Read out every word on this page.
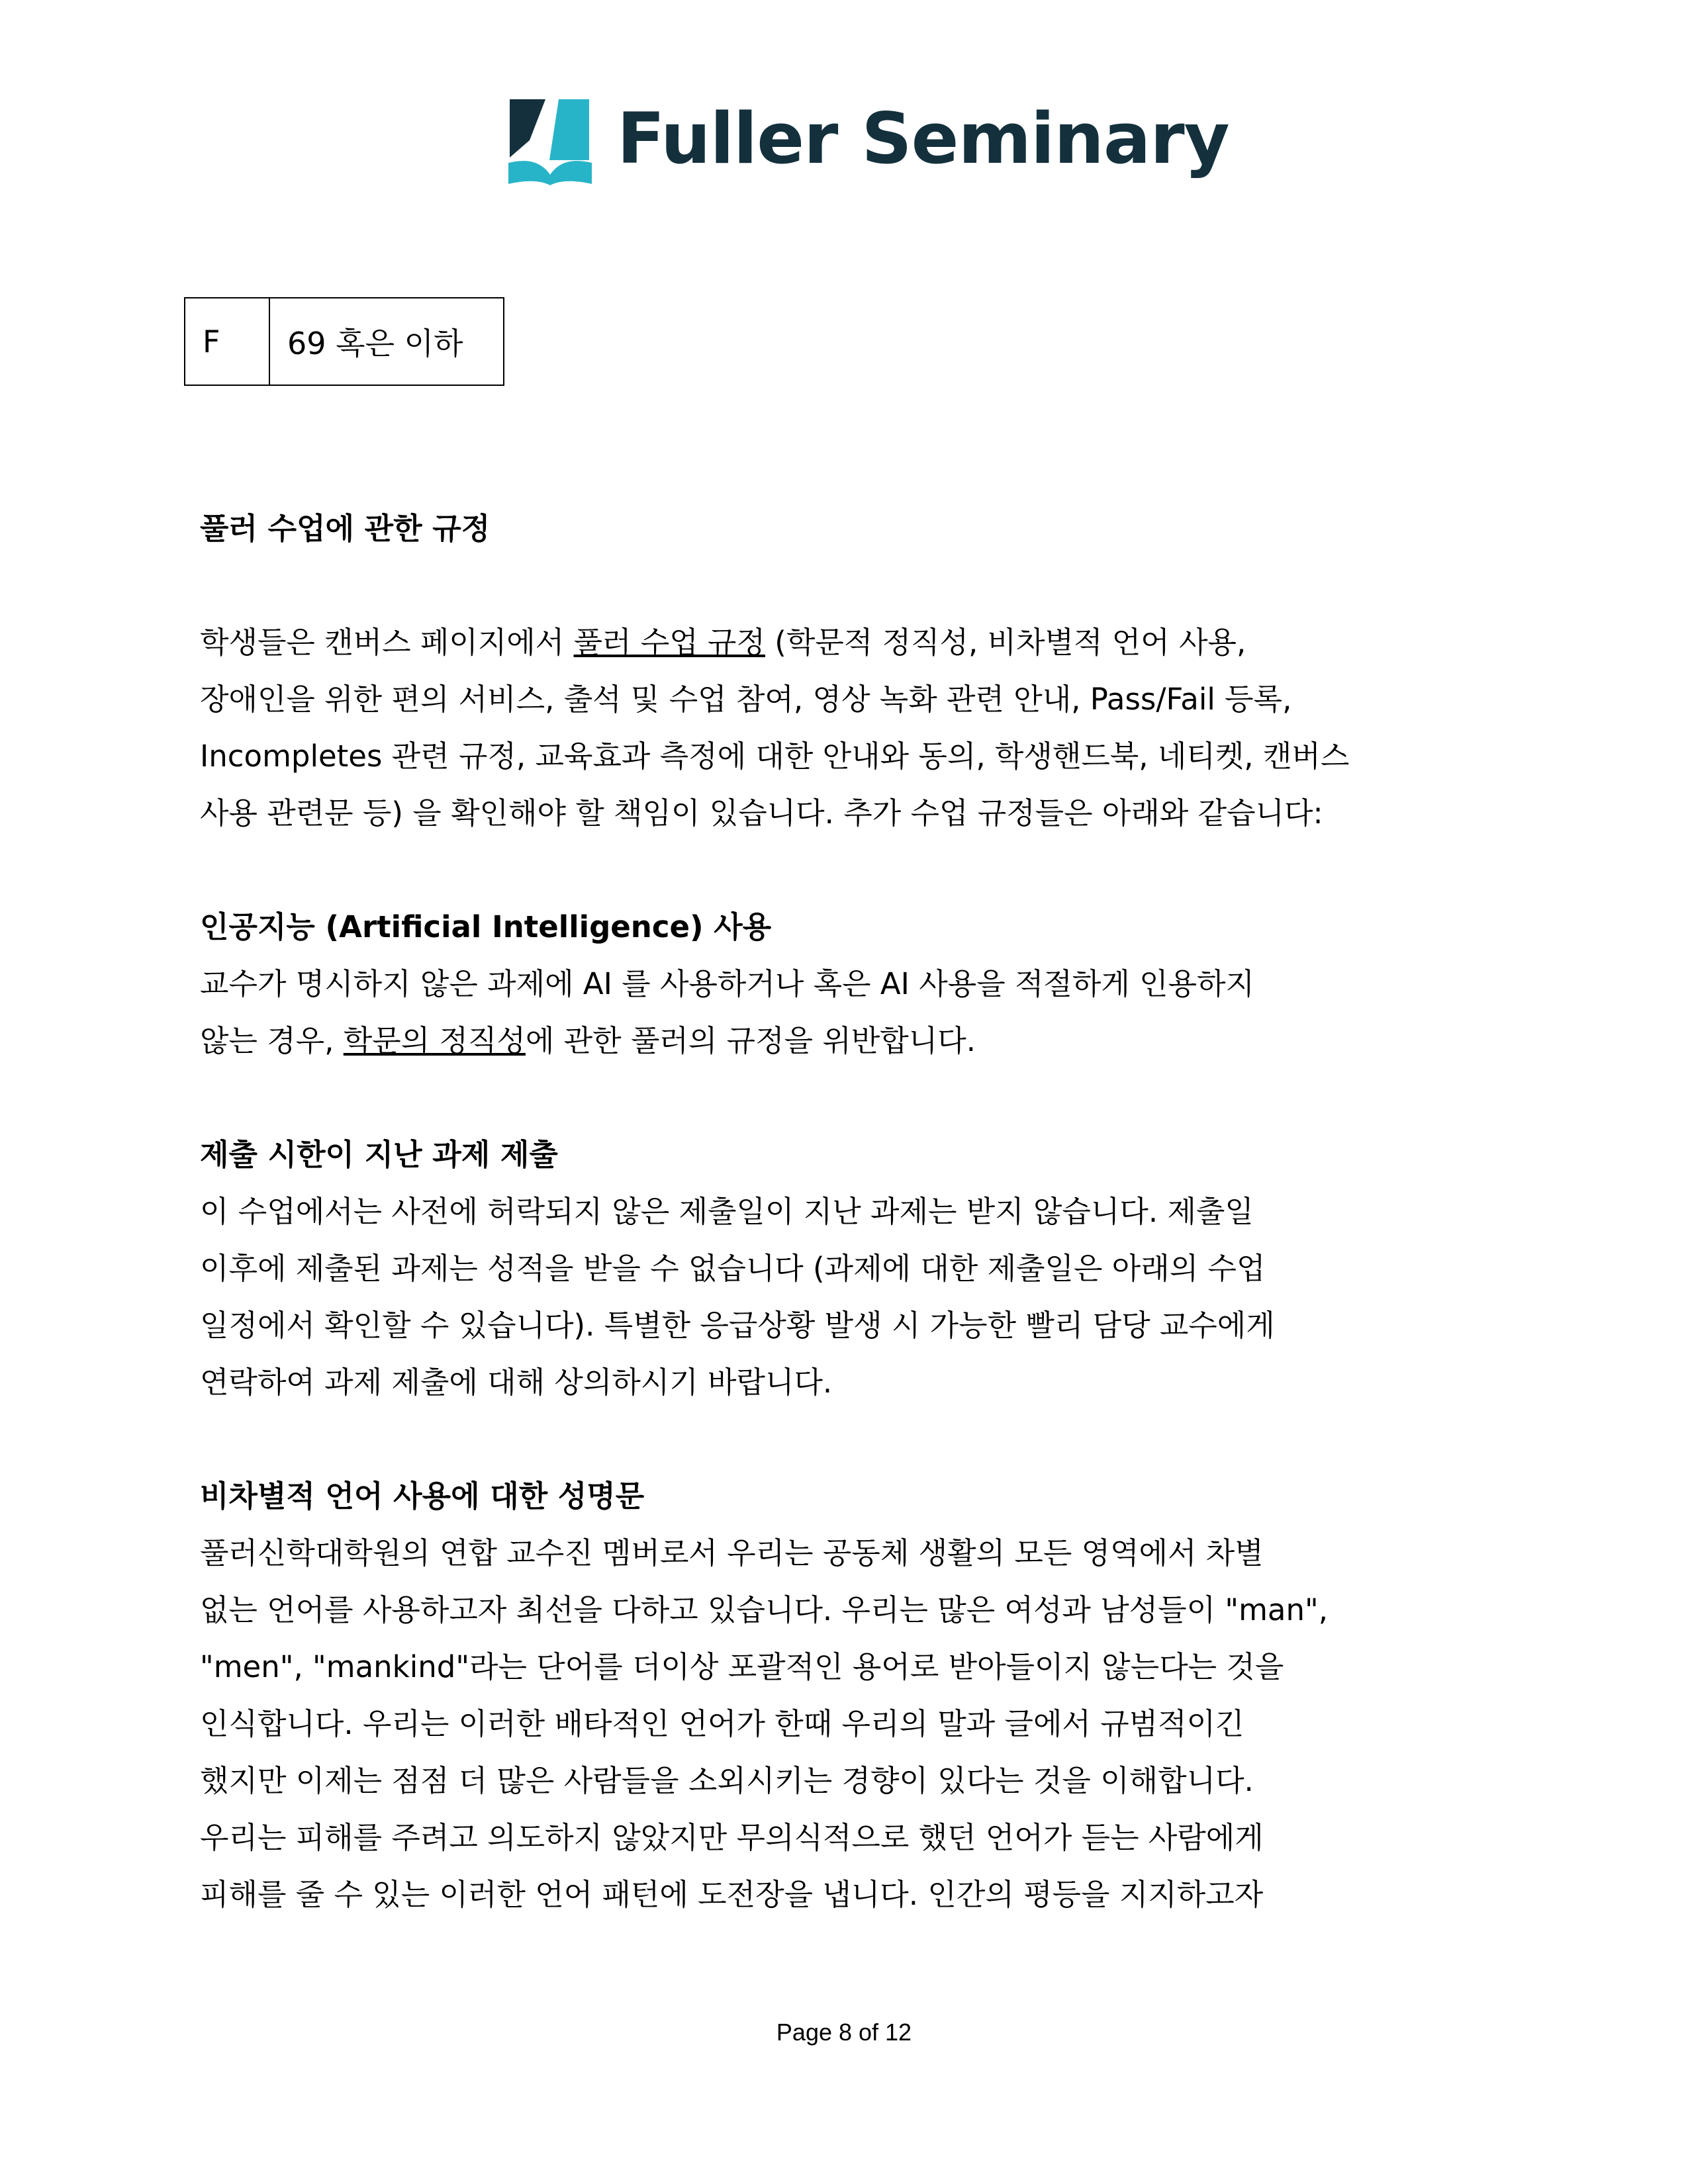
Fuller Seminary
F	69 혹은 이하
풀러 수업에 관한 규정
학생들은 캔버스 페이지에서 풀러 수업 규정 (학문적 정직성, 비차별적 언어 사용,
장애인을 위한 편의 서비스, 출석 및 수업 참여, 영상 녹화 관련 안내, Pass/Fail 등록,
Incompletes 관련 규정, 교육효과 측정에 대한 안내와 동의, 학생핸드북, 네티켓, 캔버스
사용 관련문 등) 을 확인해야 할 책임이 있습니다. 추가 수업 규정들은 아래와 같습니다:
인공지능 (Artificial Intelligence) 사용
교수가 명시하지 않은 과제에 AI 를 사용하거나 혹은 AI 사용을 적절하게 인용하지
않는 경우, 학문의 정직성에 관한 풀러의 규정을 위반합니다.
제출 시한이 지난 과제 제출
이 수업에서는 사전에 허락되지 않은 제출일이 지난 과제는 받지 않습니다. 제출일
이후에 제출된 과제는 성적을 받을 수 없습니다 (과제에 대한 제출일은 아래의 수업
일정에서 확인할 수 있습니다). 특별한 응급상황 발생 시 가능한 빨리 담당 교수에게
연락하여 과제 제출에 대해 상의하시기 바랍니다.
비차별적 언어 사용에 대한 성명문
풀러신학대학원의 연합 교수진 멤버로서 우리는 공동체 생활의 모든 영역에서 차별
없는 언어를 사용하고자 최선을 다하고 있습니다. 우리는 많은 여성과 남성들이 "man",
"men", "mankind"라는 단어를 더이상 포괄적인 용어로 받아들이지 않는다는 것을
인식합니다. 우리는 이러한 배타적인 언어가 한때 우리의 말과 글에서 규범적이긴
했지만 이제는 점점 더 많은 사람들을 소외시키는 경향이 있다는 것을 이해합니다.
우리는 피해를 주려고 의도하지 않았지만 무의식적으로 했던 언어가 듣는 사람에게
피해를 줄 수 있는 이러한 언어 패턴에 도전장을 냅니다. 인간의 평등을 지지하고자
Page 8 of 12
